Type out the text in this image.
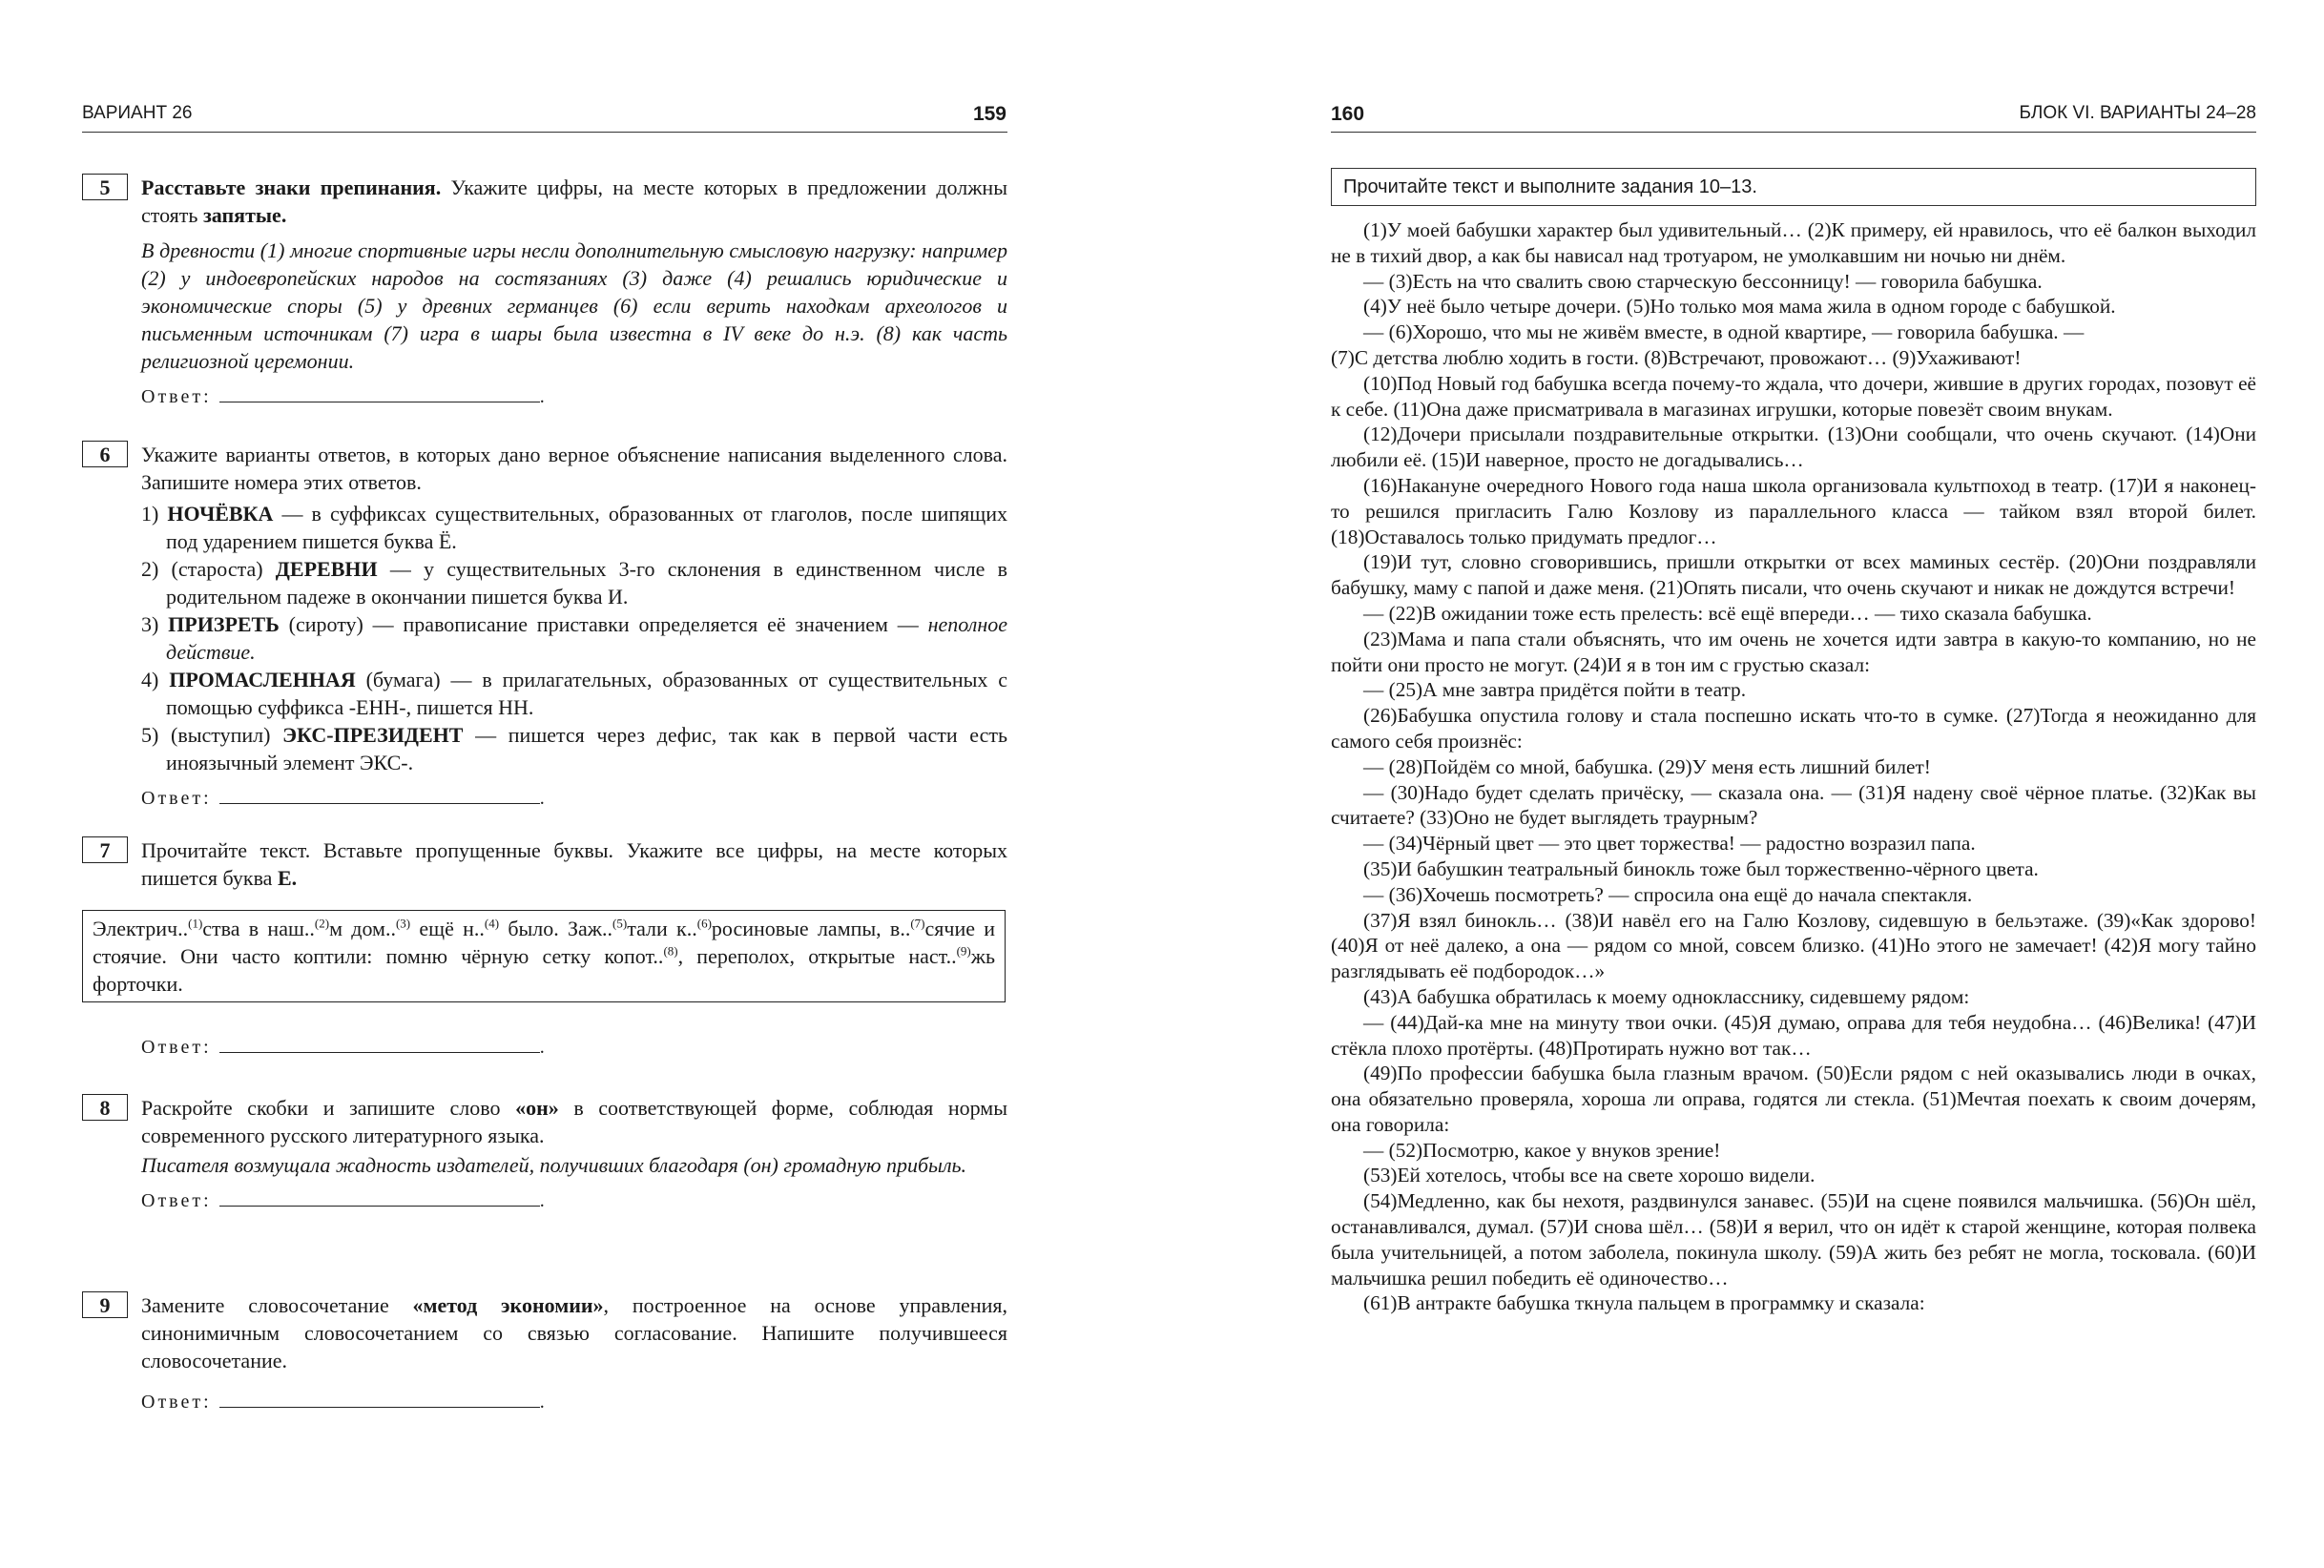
ВАРИАНТ 26	159
5	Расставьте знаки препинания. Укажите цифры, на месте которых в предложении должны стоять запятые.
В древности (1) многие спортивные игры несли дополнительную смысловую нагрузку: например (2) у индоевропейских народов на состязаниях (3) даже (4) решались юридические и экономические споры (5) у древних германцев (6) если верить находкам археологов и письменным источникам (7) игра в шары была известна в IV веке до н.э. (8) как часть религиозной церемонии.
Ответ:	.
6	Укажите варианты ответов, в которых дано верное объяснение написания выделенного слова. Запишите номера этих ответов.
1) НОЧЁВКА — в суффиксах существительных, образованных от глаголов, после шипящих под ударением пишется буква Ё.
2) (староста) ДЕРЕВНИ — у существительных 3-го склонения в единственном числе в родительном падеже в окончании пишется буква И.
3) ПРИЗРЕТЬ (сироту) — правописание приставки определяется её значением — неполное действие.
4) ПРОМАСЛЕННАЯ (бумага) — в прилагательных, образованных от существительных с помощью суффикса -ЕНН-, пишется НН.
5) (выступил) ЭКС-ПРЕЗИДЕНТ — пишется через дефис, так как в первой части есть иноязычный элемент ЭКС-.
Ответ:	.
7	Прочитайте текст. Вставьте пропущенные буквы. Укажите все цифры, на месте которых пишется буква Е.
Электрич..$^{(1)}$ства в наш..$^{(2)}$м дом..$^{(3)}$ ещё н..$^{(4)}$ было. Заж..$^{(5)}$тали к..$^{(6)}$росиновые лампы, в..$^{(7)}$сячие и стоячие. Они часто коптили: помню чёрную сетку копот..$^{(8)}$, переполох, открытые наст..$^{(9)}$жь форточки.
Ответ:	.
8	Раскройте скобки и запишите слово «он» в соответствующей форме, соблюдая нормы современного русского литературного языка.
Писателя возмущала жадность издателей, получивших благодаря (он) громадную прибыль.
Ответ:	.
9	Замените словосочетание «метод экономии», построенное на основе управления, синонимичным словосочетанием со связью согласование. Напишите получившееся словосочетание.
Ответ:	.
160	БЛОК VI. ВАРИАНТЫ 24–28
Прочитайте текст и выполните задания 10–13.

(1)У моей бабушки характер был удивительный… (2)К примеру, ей нравилось, что её балкон выходил не в тихий двор, а как бы нависал над тротуаром, не умолкавшим ни ночью ни днём.

— (3)Есть на что свалить свою старческую бессонницу! — говорила бабушка.

(4)У неё было четыре дочери. (5)Но только моя мама жила в одном городе с бабушкой.

— (6)Хорошо, что мы не живём вместе, в одной квартире, — говорила бабушка. —

(7)С детства люблю ходить в гости. (8)Встречают, провожают… (9)Ухаживают!

(10)Под Новый год бабушка всегда почему-то ждала, что дочери, жившие в других городах, позовут её к себе. (11)Она даже присматривала в магазинах игрушки, которые повезёт своим внукам.

(12)Дочери присылали поздравительные открытки. (13)Они сообщали, что очень скучают. (14)Они любили её. (15)И наверное, просто не догадывались…

(16)Накануне очередного Нового года наша школа организовала культпоход в театр. (17)И я наконец-то решился пригласить Галю Козлову из параллельного класса — тайком взял второй билет. (18)Оставалось только придумать предлог…

(19)И тут, словно сговорившись, пришли открытки от всех маминых сестёр. (20)Они поздравляли бабушку, маму с папой и даже меня. (21)Опять писали, что очень скучают и никак не дождутся встречи!

— (22)В ожидании тоже есть прелесть: всё ещё впереди… — тихо сказала бабушка.

(23)Мама и папа стали объяснять, что им очень не хочется идти завтра в какую-то компанию, но не пойти они просто не могут. (24)И я в тон им с грустью сказал:

— (25)А мне завтра придётся пойти в театр.

(26)Бабушка опустила голову и стала поспешно искать что-то в сумке. (27)Тогда я неожиданно для самого себя произнёс:

— (28)Пойдём со мной, бабушка. (29)У меня есть лишний билет!

— (30)Надо будет сделать причёску, — сказала она. — (31)Я надену своё чёрное платье. (32)Как вы считаете? (33)Оно не будет выглядеть траурным?

— (34)Чёрный цвет — это цвет торжества! — радостно возразил папа.

(35)И бабушкин театральный бинокль тоже был торжественно-чёрного цвета.

— (36)Хочешь посмотреть? — спросила она ещё до начала спектакля.

(37)Я взял бинокль… (38)И навёл его на Галю Козлову, сидевшую в бельэтаже. (39)«Как здорово! (40)Я от неё далеко, а она — рядом со мной, совсем близко. (41)Но этого не замечает! (42)Я могу тайно разглядывать её подбородок…»

(43)А бабушка обратилась к моему однокласснику, сидевшему рядом:

— (44)Дай-ка мне на минуту твои очки. (45)Я думаю, оправа для тебя неудобна… (46)Велика! (47)И стёкла плохо протёрты. (48)Протирать нужно вот так…

(49)По профессии бабушка была глазным врачом. (50)Если рядом с ней оказывались люди в очках, она обязательно проверяла, хороша ли оправа, годятся ли стекла. (51)Мечтая поехать к своим дочерям, она говорила:

— (52)Посмотрю, какое у внуков зрение!

(53)Ей хотелось, чтобы все на свете хорошо видели.

(54)Медленно, как бы нехотя, раздвинулся занавес. (55)И на сцене появился мальчишка. (56)Он шёл, останавливался, думал. (57)И снова шёл… (58)И я верил, что он идёт к старой женщине, которая полвека была учительницей, а потом заболела, покинула школу. (59)А жить без ребят не могла, тосковала. (60)И мальчишка решил победить её одиночество…

(61)В антракте бабушка ткнула пальцем в программку и сказала:
